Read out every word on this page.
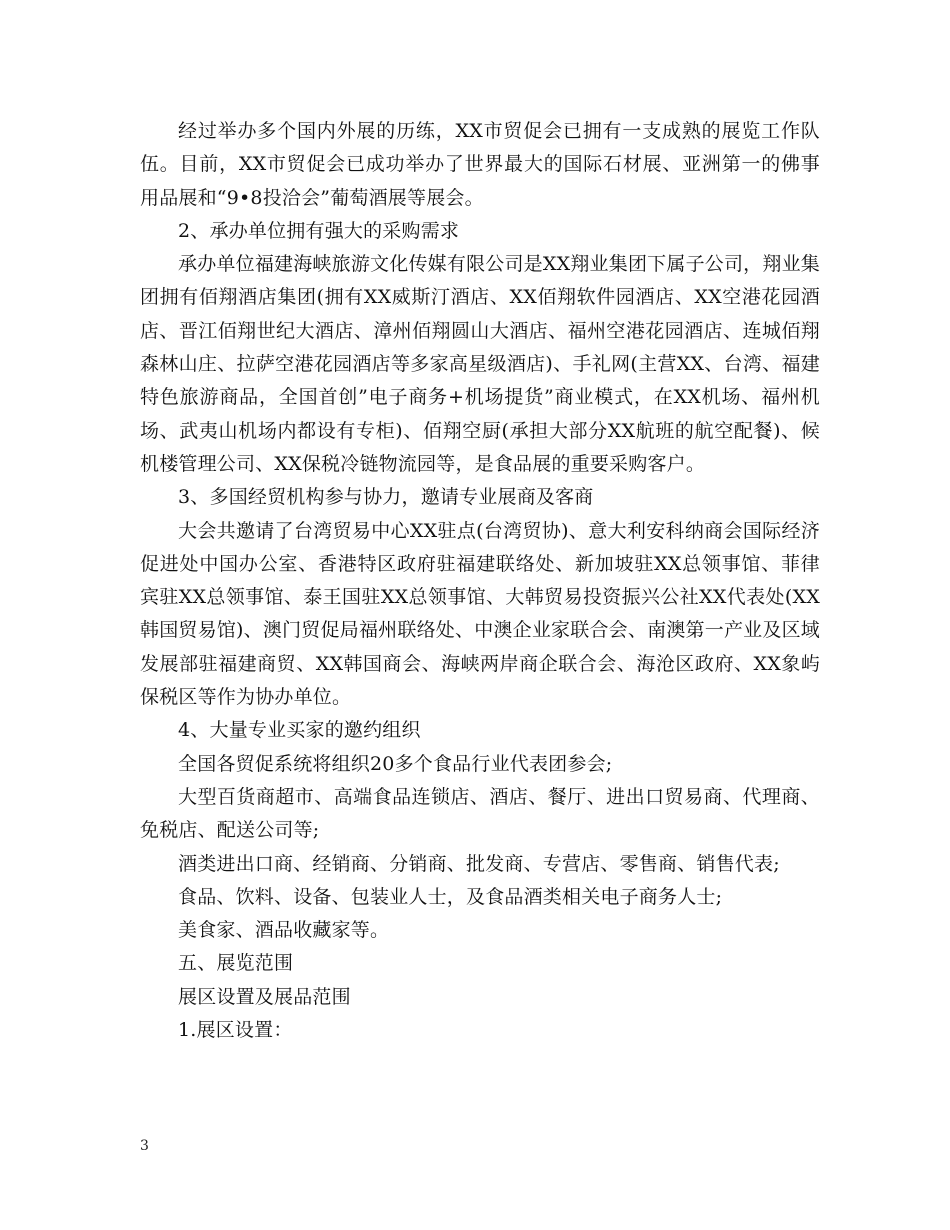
经过举办多个国内外展的历练，XX市贸促会已拥有一支成熟的展览工作队伍。目前，XX市贸促会已成功举办了世界最大的国际石材展、亚洲第一的佛事用品展和“9•8投洽会”葡萄酒展等展会。

2、承办单位拥有强大的采购需求

承办单位福建海峡旅游文化传媒有限公司是XX翔业集团下属子公司，翔业集团拥有佰翔酒店集团(拥有XX威斯汀酒店、XX佰翔软件园酒店、XX空港花园酒店、晋江佰翔世纪大酒店、漳州佰翔圆山大酒店、福州空港花园酒店、连城佰翔森林山庄、拉萨空港花园酒店等多家高星级酒店)、手礼网(主营XX、台湾、福建特色旅游商品，全国首创”电子商务+机场提货”商业模式，在XX机场、福州机场、武夷山机场内都设有专柜)、佰翔空厨(承担大部分XX航班的航空配餐)、候机楼管理公司、XX保税冷链物流园等，是食品展的重要采购客户。

3、多国经贸机构参与协力，邀请专业展商及客商

大会共邀请了台湾贸易中心XX驻点(台湾贸协)、意大利安科纳商会国际经济促进处中国办公室、香港特区政府驻福建联络处、新加坡驻XX总领事馆、菲律宾驻XX总领事馆、泰王国驻XX总领事馆、大韩贸易投资振兴公社XX代表处(XX韩国贸易馆)、澳门贸促局福州联络处、中澳企业家联合会、南澳第一产业及区域发展部驻福建商贸、XX韩国商会、海峡两岸商企联合会、海沧区政府、XX象屿保税区等作为协办单位。

4、大量专业买家的邀约组织

全国各贸促系统将组织20多个食品行业代表团参会;

大型百货商超市、高端食品连锁店、酒店、餐厅、进出口贸易商、代理商、免税店、配送公司等;

酒类进出口商、经销商、分销商、批发商、专营店、零售商、销售代表;

食品、饮料、设备、包装业人士，及食品酒类相关电子商务人士;

美食家、酒品收藏家等。

五、展览范围

展区设置及展品范围

1.展区设置：

3
